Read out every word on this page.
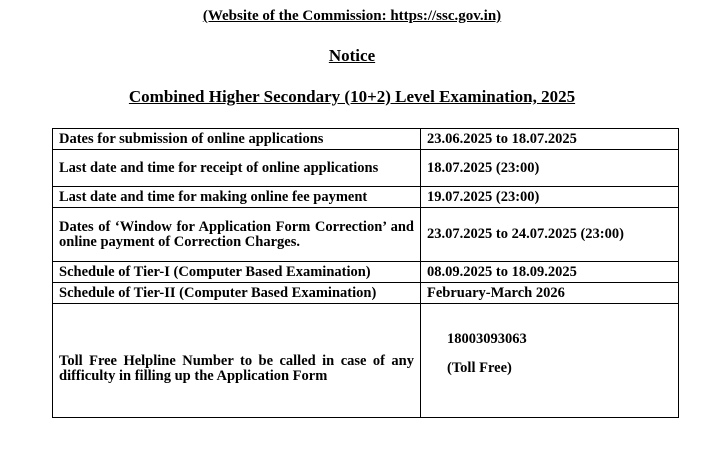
(Website of the Commission: https://ssc.gov.in)
Notice
Combined Higher Secondary (10+2) Level Examination, 2025
Dates for submission of online applications	23.06.2025 to 18.07.2025
Last date and time for receipt of online applications	18.07.2025 (23:00)
Last date and time for making online fee payment	19.07.2025 (23:00)
Dates of ‘Window for Application Form Correction’ and online payment of Correction Charges.	23.07.2025 to 24.07.2025 (23:00)
Schedule of Tier-I (Computer Based Examination)	08.09.2025 to 18.09.2025
Schedule of Tier-II (Computer Based Examination)	February-March 2026

Toll Free Helpline Number to be called in case of any difficulty in filling up the Application Form	18003093063
(Toll Free)
